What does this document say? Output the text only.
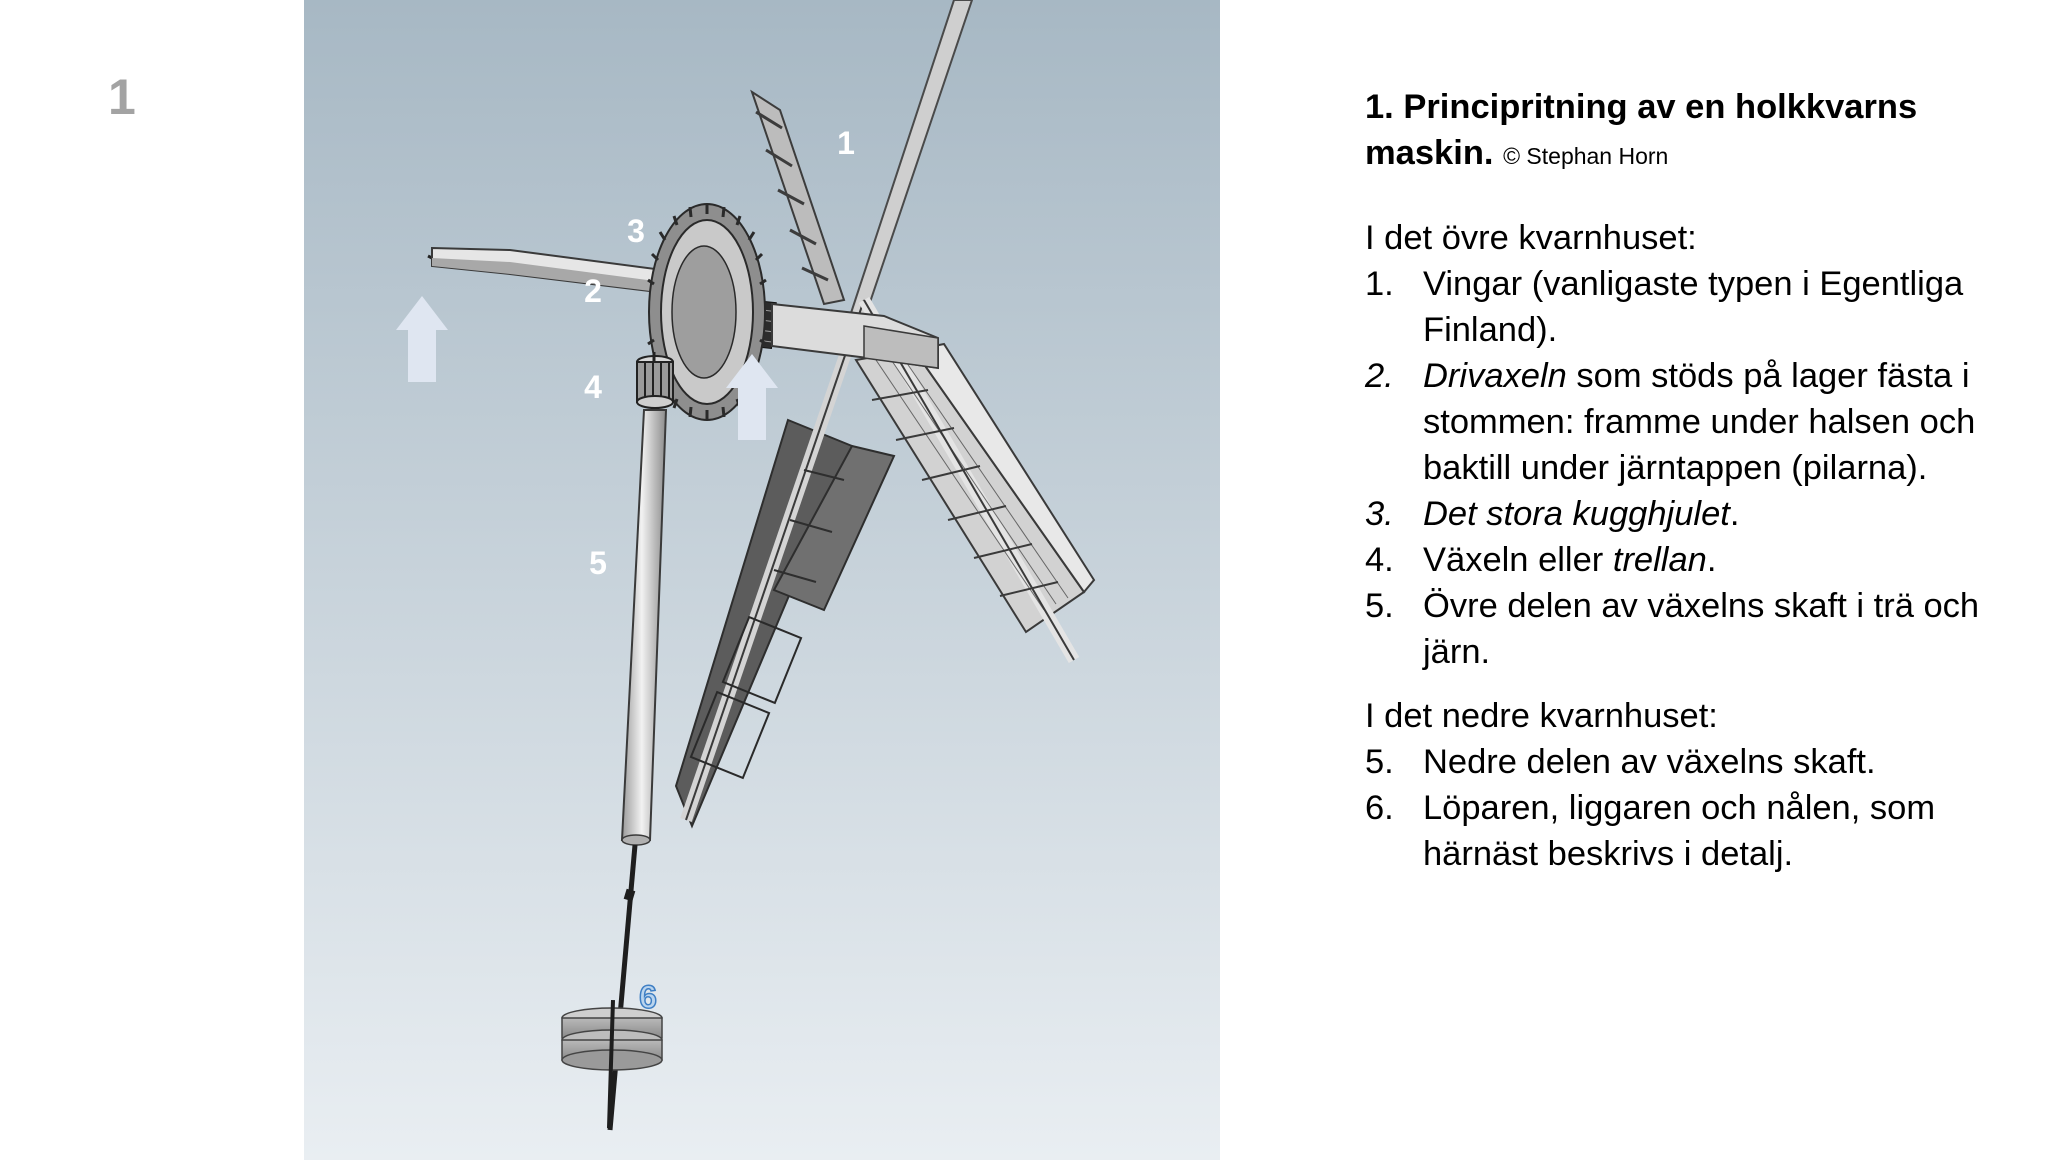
1
1
2
3
4
5
6

1. Principritning av en holkkvarns maskin. © Stephan Horn

I det övre kvarnhuset:

1. Vingar (vanligaste typen i Egentliga Finland).
2. Drivaxeln som stöds på lager fästa i stommen: framme under halsen och baktill under järntappen (pilarna).
3. Det stora kugghjulet.
4. Växeln eller trellan.
5. Övre delen av växelns skaft i trä och järn.

I det nedre kvarnhuset:

5. Nedre delen av växelns skaft.
6. Löparen, liggaren och nålen, som härnäst beskrivs i detalj.
